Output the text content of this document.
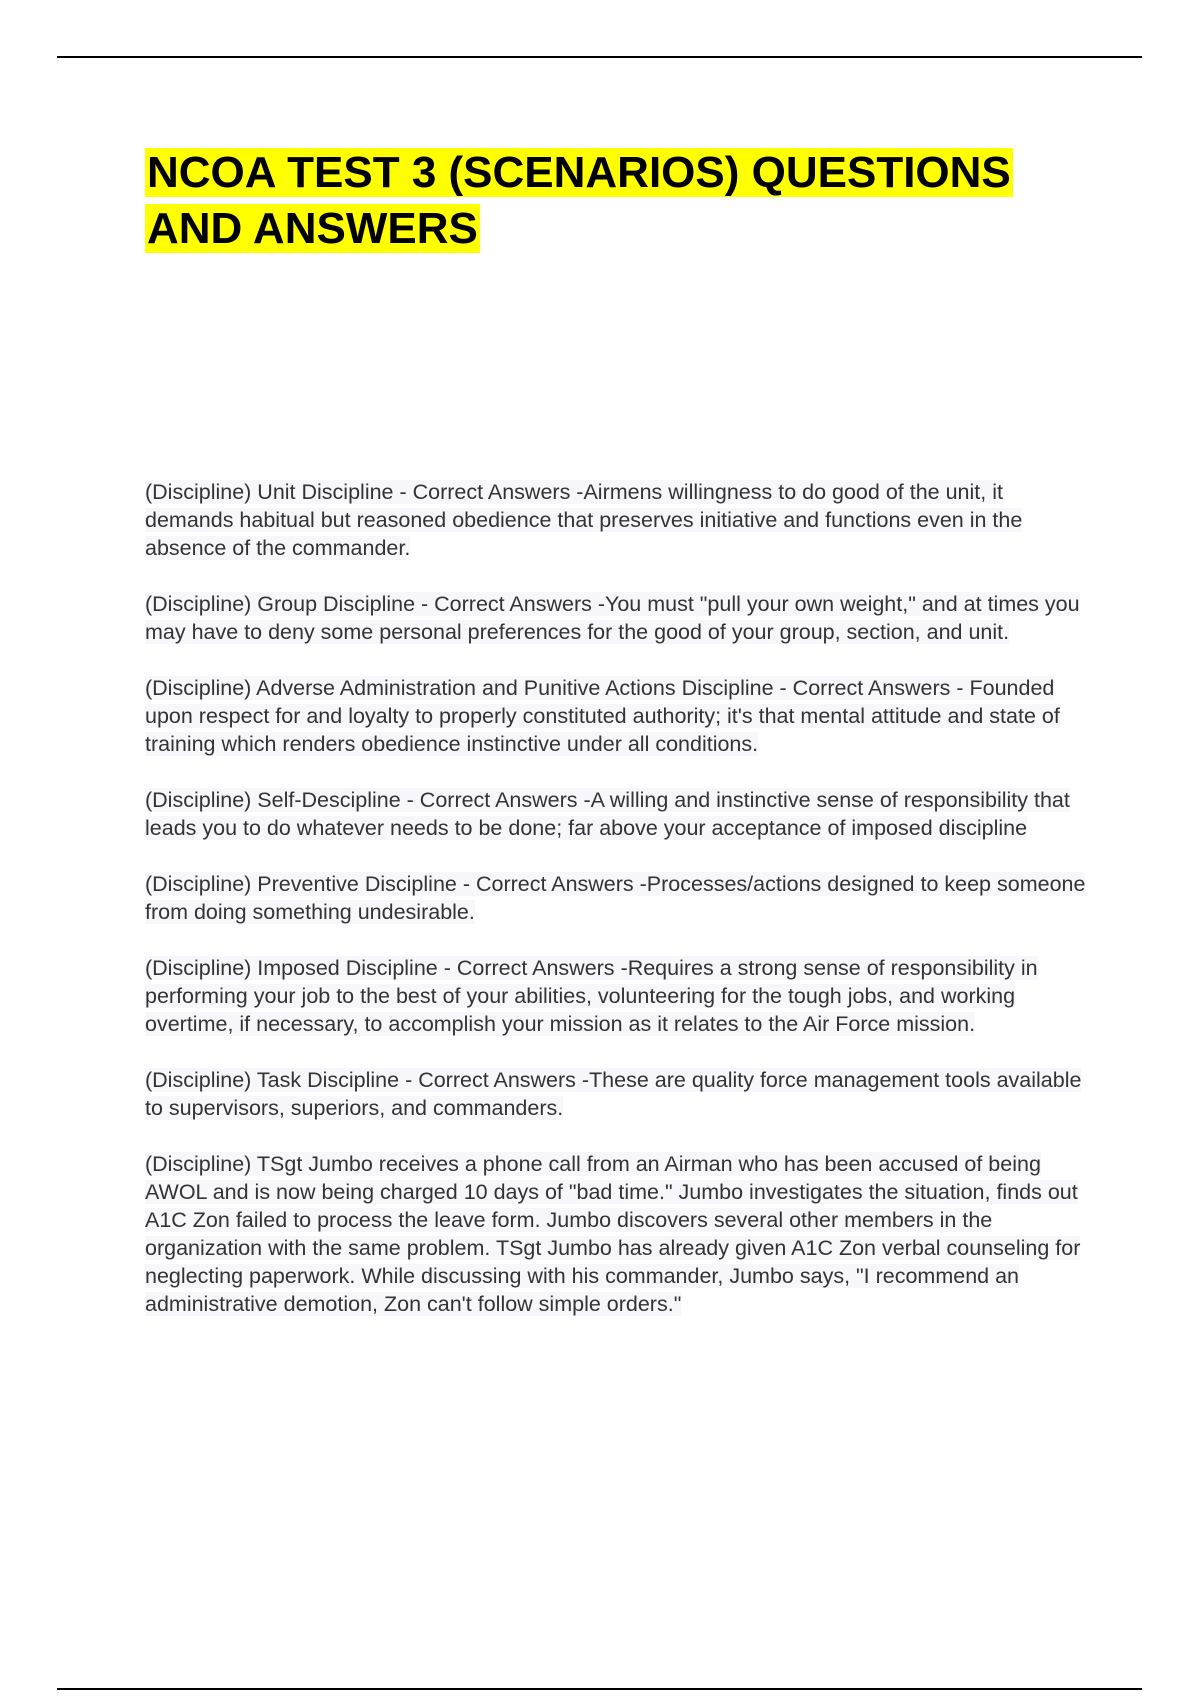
NCOA TEST 3 (SCENARIOS) QUESTIONS AND ANSWERS

(Discipline) Unit Discipline - Correct Answers -Airmens willingness to do good of the unit, it demands habitual but reasoned obedience that preserves initiative and functions even in the absence of the commander.

(Discipline) Group Discipline - Correct Answers -You must "pull your own weight," and at times you may have to deny some personal preferences for the good of your group, section, and unit.

(Discipline) Adverse Administration and Punitive Actions Discipline - Correct Answers - Founded upon respect for and loyalty to properly constituted authority; it's that mental attitude and state of training which renders obedience instinctive under all conditions.

(Discipline) Self-Descipline - Correct Answers -A willing and instinctive sense of responsibility that leads you to do whatever needs to be done; far above your acceptance of imposed discipline

(Discipline) Preventive Discipline - Correct Answers -Processes/actions designed to keep someone from doing something undesirable.

(Discipline) Imposed Discipline - Correct Answers -Requires a strong sense of responsibility in performing your job to the best of your abilities, volunteering for the tough jobs, and working overtime, if necessary, to accomplish your mission as it relates to the Air Force mission.

(Discipline) Task Discipline - Correct Answers -These are quality force management tools available to supervisors, superiors, and commanders.

(Discipline) TSgt Jumbo receives a phone call from an Airman who has been accused of being AWOL and is now being charged 10 days of "bad time." Jumbo investigates the situation, finds out A1C Zon failed to process the leave form. Jumbo discovers several other members in the organization with the same problem. TSgt Jumbo has already given A1C Zon verbal counseling for neglecting paperwork. While discussing with his commander, Jumbo says, "I recommend an administrative demotion, Zon can't follow simple orders."
